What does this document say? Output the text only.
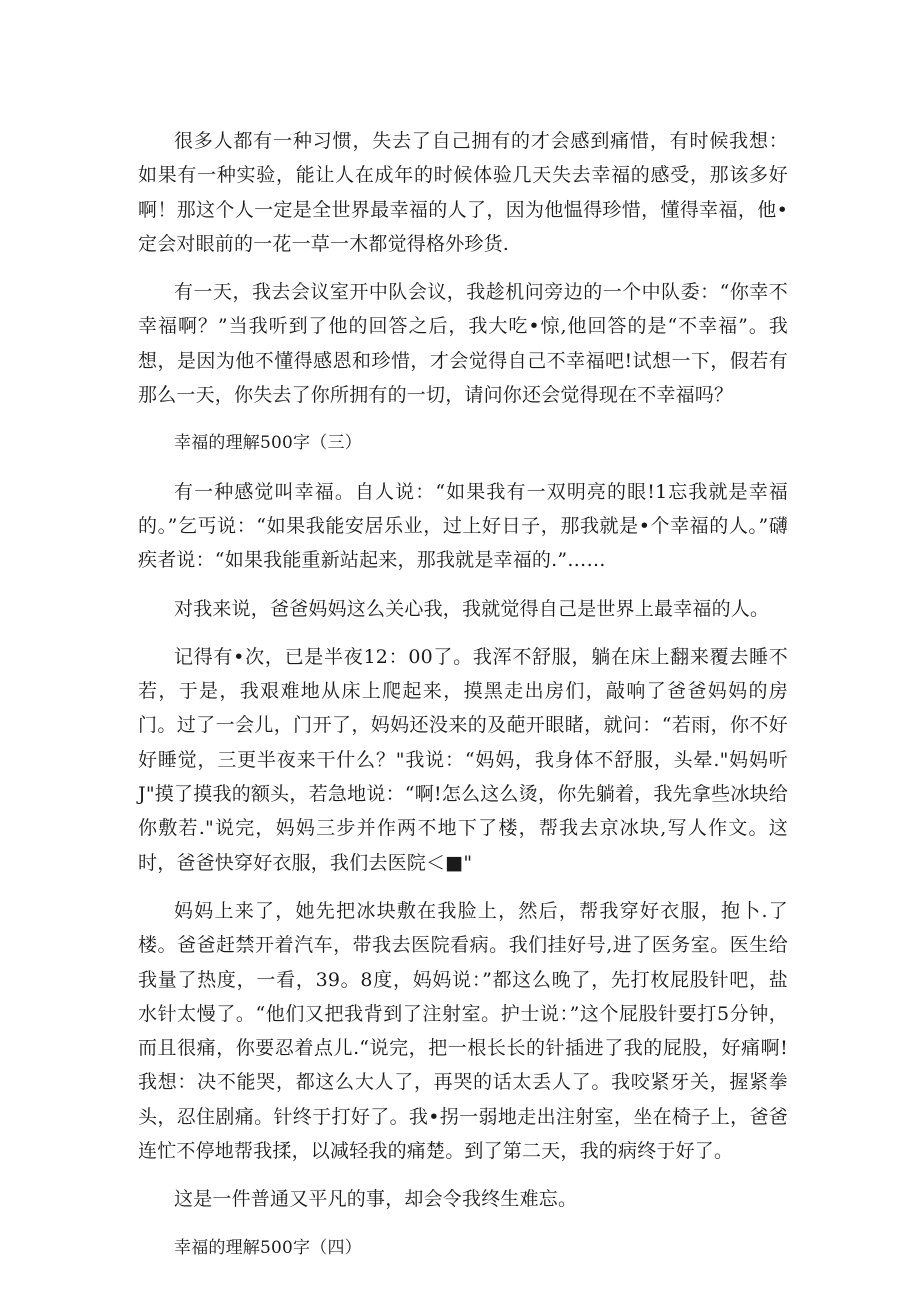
很多人都有一种习惯，失去了自己拥有的才会感到痛惜，有时候我想：如果有一种实验，能让人在成年的时候体验几天失去幸福的感受，那该多好啊！那这个人一定是全世界最幸福的人了，因为他愠得珍惜，懂得幸福，他•定会对眼前的一花一草一木都觉得格外珍货.

有一天，我去会议室开中队会议，我趁机问旁边的一个中队委：“你幸不幸福啊？”当我听到了他的回答之后，我大吃•惊,他回答的是“不幸福”。我想，是因为他不懂得感恩和珍惜，才会觉得自己不幸福吧!试想一下，假若有那么一天，你失去了你所拥有的一切，请问你还会觉得现在不幸福吗？

幸福的理解500字（三）

有一种感觉叫幸福。自人说：“如果我有一双明亮的眼!1忘我就是幸福的。”乞丐说：“如果我能安居乐业，过上好日子，那我就是•个幸福的人。”礴疾者说：“如果我能重新站起来，那我就是幸福的.”……

对我来说，爸爸妈妈这么关心我，我就觉得自己是世界上最幸福的人。

记得有•次，已是半夜12：00了。我浑不舒服，躺在床上翻来覆去睡不若，于是，我艰难地从床上爬起来，摸黑走出房们，敲响了爸爸妈妈的房门。过了一会儿，门开了，妈妈还没来的及葩开眼睹，就问：“若雨，你不好好睡觉，三更半夜来干什么？"我说：“妈妈，我身体不舒服，头晕."妈妈听J"摸了摸我的额头，若急地说：“啊!怎么这么烫，你先躺着，我先拿些冰块给你敷若."说完，妈妈三步并作两不地下了楼，帮我去京冰块,写人作文。这时，爸爸快穿好衣服，我们去医院＜■"

妈妈上来了，她先把冰块敷在我脸上，然后，帮我穿好衣服，抱卜.了楼。爸爸赶禁开着汽车，带我去医院看病。我们挂好号,进了医务室。医生给我量了热度，一看，39。8度，妈妈说：”都这么晚了，先打枚屁股针吧，盐水针太慢了。“他们又把我背到了注射室。护士说：”这个屁股针要打5分钟，而且很痛，你要忍着点儿.“说完，把一根长长的针插进了我的屁股，好痛啊!我想：决不能哭，都这么大人了，再哭的话太丢人了。我咬紧牙关，握紧拳头，忍住剧痛。针终于打好了。我•拐一弱地走出注射室，坐在椅子上，爸爸连忙不停地帮我揉，以减轻我的痛楚。到了第二天，我的病终于好了。

这是一件普通又平凡的事，却会令我终生难忘。

幸福的理解500字（四）
